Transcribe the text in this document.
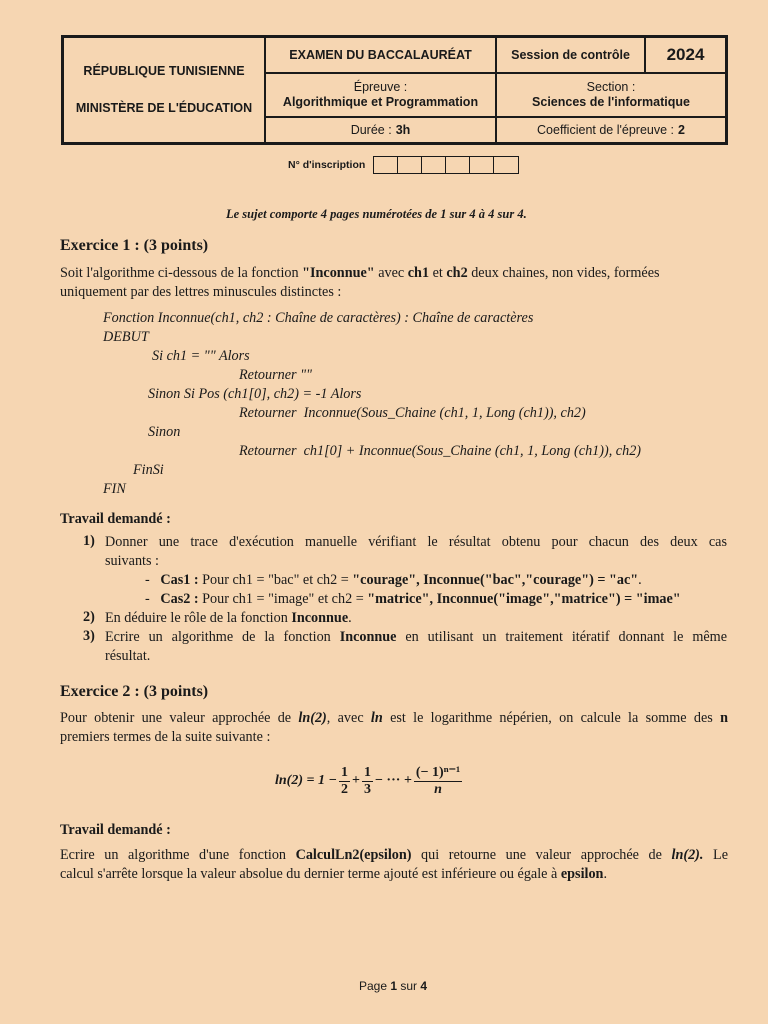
RÉPUBLIQUE TUNISIENNE
MINISTÈRE DE L'ÉDUCATION
EXAMEN DU BACCALAURÉAT	Session de contrôle 2024
Épreuve :
Algorithmique et Programmation
Section :
Sciences de l'informatique
Durée : 3h	Coefficient de l'épreuve : 2
N° d'inscription
Le sujet comporte 4 pages numérotées de 1 sur 4 à 4 sur 4.
Exercice 1 : (3 points)
Soit l'algorithme ci-dessous de la fonction "Inconnue" avec ch1 et ch2 deux chaines, non vides, formées
uniquement par des lettres minuscules distinctes :
Fonction Inconnue(ch1, ch2 : Chaîne de caractères) : Chaîne de caractères
DEBUT
Si ch1 = "" Alors
Retourner ""
Sinon Si Pos (ch1[0], ch2) = -1 Alors
Retourner  Inconnue(Sous_Chaine (ch1, 1, Long (ch1)), ch2)
Sinon
Retourner  ch1[0] + Inconnue(Sous_Chaine (ch1, 1, Long (ch1)), ch2)
FinSi
FIN
Travail demandé :
1) Donner une trace d'exécution manuelle vérifiant le résultat obtenu pour chacun des deux cas
suivants :
-   Cas1 : Pour ch1 = "bac" et ch2 = "courage", Inconnue("bac","courage") = "ac".
-   Cas2 : Pour ch1 = "image" et ch2 = "matrice", Inconnue("image","matrice") = "imae"
2) En déduire le rôle de la fonction Inconnue.
3) Ecrire un algorithme de la fonction Inconnue en utilisant un traitement itératif donnant le même
résultat.
Exercice 2 : (3 points)
Pour obtenir une valeur approchée de ln(2), avec ln est le logarithme népérien, on calcule la somme des n
premiers termes de la suite suivante :
$\ln(2) = 1 - \frac{1}{2} + \frac{1}{3}$ − ··· + $\frac{\text{(− 1)ⁿ⁻¹}}{n}$
Travail demandé :
Ecrire un algorithme d'une fonction CalculLn2(epsilon) qui retourne une valeur approchée de ln(2). Le
calcul s'arrête lorsque la valeur absolue du dernier terme ajouté est inférieure ou égale à epsilon.
Page 1 sur 4
